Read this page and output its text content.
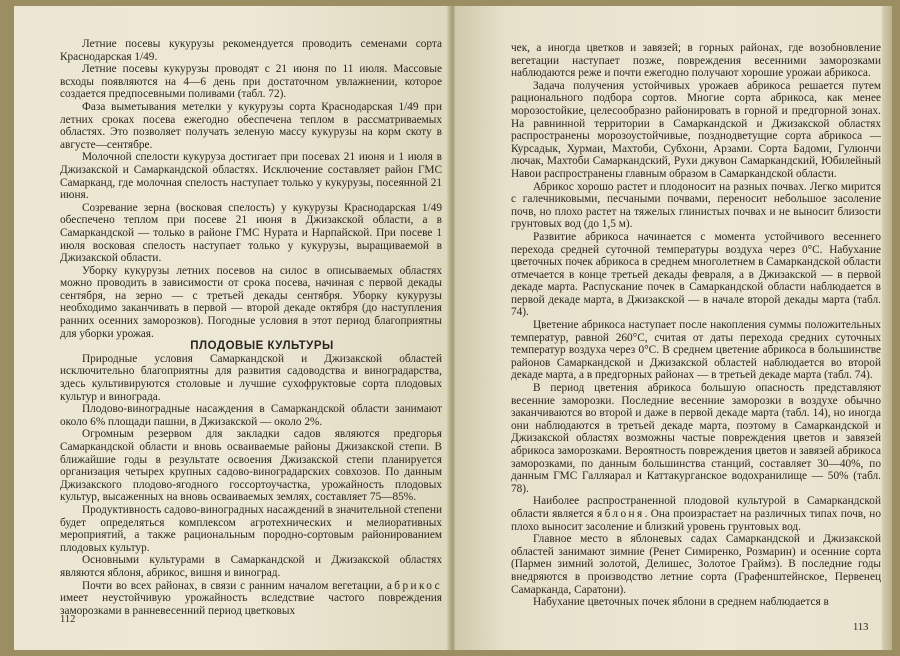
Летние посевы кукурузы рекомендуется проводить семенами сорта Краснодарская 1/49.

Летние посевы кукурузы проводят с 21 июня по 11 июля. Массовые всходы появляются на 4—6 день при достаточном увлажнении, которое создается предпосевными поливами (табл. 72).

Фаза выметывания метелки у кукурузы сорта Краснодарская 1/49 при летних сроках посева ежегодно обеспечена теплом в рассматриваемых областях. Это позволяет получать зеленую массу кукурузы на корм скоту в августе—сентябре.

Молочной спелости кукуруза достигает при посевах 21 июня и 1 июля в Джизакской и Самаркандской областях. Исключение составляет район ГМС Самарканд, где молочная спелость наступает только у кукурузы, посеянной 21 июня.

Созревание зерна (восковая спелость) у кукурузы Краснодарская 1/49 обеспечено теплом при посеве 21 июня в Джизакской области, а в Самаркандской — только в районе ГМС Нурата и Нарпайской. При посеве 1 июля восковая спелость наступает только у кукурузы, выращиваемой в Джизакской области.

Уборку кукурузы летних посевов на силос в описываемых областях можно проводить в зависимости от срока посева, начиная с первой декады сентября, на зерно — с третьей декады сентября. Уборку кукурузы необходимо заканчивать в первой — второй декаде октября (до наступления ранних осенних заморозков). Погодные условия в этот период благоприятны для уборки урожая.

ПЛОДОВЫЕ КУЛЬТУРЫ

Природные условия Самаркандской и Джизакской областей исключительно благоприятны для развития садоводства и виноградарства, здесь культивируются столовые и лучшие сухофруктовые сорта плодовых культур и винограда.

Плодово-виноградные насаждения в Самаркандской области занимают около 6% площади пашни, в Джизакской — около 2%.

Огромным резервом для закладки садов являются предгорья Самаркандской области и вновь осваиваемые районы Джизакской степи. В ближайшие годы в результате освоения Джизакской степи планируется организация четырех крупных садово-виноградарских совхозов. По данным Джизакского плодово-ягодного госсортоучастка, урожайность плодовых культур, высаженных на вновь осваиваемых землях, составляет 75—85%.

Продуктивность садово-виноградных насаждений в значительной степени будет определяться комплексом агротехнических и мелиоративных мероприятий, а также рациональным породно-сортовым районированием плодовых культур.

Основными культурами в Самаркандской и Джизакской областях являются яблоня, абрикос, вишня и виноград.

Почти во всех районах, в связи с ранним началом вегетации, абрикос имеет неустойчивую урожайность вследствие частого повреждения заморозками в ранневесенний период цветковых

112

чек, а иногда цветков и завязей; в горных районах, где возобновление вегетации наступает позже, повреждения весенними заморозками наблюдаются реже и почти ежегодно получают хорошие урожаи абрикоса.

Задача получения устойчивых урожаев абрикоса решается путем рационального подбора сортов. Многие сорта абрикоса, как менее морозостойкие, целесообразно районировать в горной и предгорной зонах. На равнинной территории в Самаркандской и Джизакской областях распространены морозоустойчивые, позднодветущие сорта абрикоса — Курсадык, Хурмаи, Махтоби, Субхони, Арзами. Сорта Бадоми, Гулюнчи лючак, Махтоби Самаркандский, Рухи джувон Самаркандский, Юбилейный Навои распространены главным образом в Самаркандской области.

Абрикос хорошо растет и плодоносит на разных почвах. Легко мирится с галечниковыми, песчаными почвами, переносит небольшое засоление почв, но плохо растет на тяжелых глинистых почвах и не выносит близости грунтовых вод (до 1,5 м).

Развитие абрикоса начинается с момента устойчивого весеннего перехода средней суточной температуры воздуха через 0°С. Набухание цветочных почек абрикоса в среднем многолетнем в Самаркандской области отмечается в конце третьей декады февраля, а в Джизакской — в первой декаде марта. Распускание почек в Самаркандской области наблюдается в первой декаде марта, в Джизакской — в начале второй декады марта (табл. 74).

Цветение абрикоса наступает после накопления суммы положительных температур, равной 260°С, считая от даты перехода средних суточных температур воздуха через 0°С. В среднем цветение абрикоса в большинстве районов Самаркандской и Джизакской областей наблюдается во второй декаде марта, а в предгорных районах — в третьей декаде марта (табл. 74).

В период цветения абрикоса большую опасность представляют весенние заморозки. Последние весенние заморозки в воздухе обычно заканчиваются во второй и даже в первой декаде марта (табл. 14), но иногда они наблюдаются в третьей декаде марта, поэтому в Самаркандской и Джизакской областях возможны частые повреждения цветов и завязей абрикоса заморозками. Вероятность повреждения цветов и завязей абрикоса заморозками, по данным большинства станций, составляет 30—40%, по данным ГМС Галляарал и Каттакурганское водохранилище — 50% (табл. 78).

Наиболее распространенной плодовой культурой в Самаркандской области является яблоня. Она произрастает на различных типах почв, но плохо выносит засоление и близкий уровень грунтовых вод.

Главное место в яблоневых садах Самаркандской и Джизакской областей занимают зимние (Ренет Симиренко, Розмарин) и осенние сорта (Пармен зимний золотой, Делишес, Золотое Граймз). В последние годы внедряются в производство летние сорта (Графенштейнское, Первенец Самарканда, Саратони).

Набухание цветочных почек яблони в среднем наблюдается в

113
